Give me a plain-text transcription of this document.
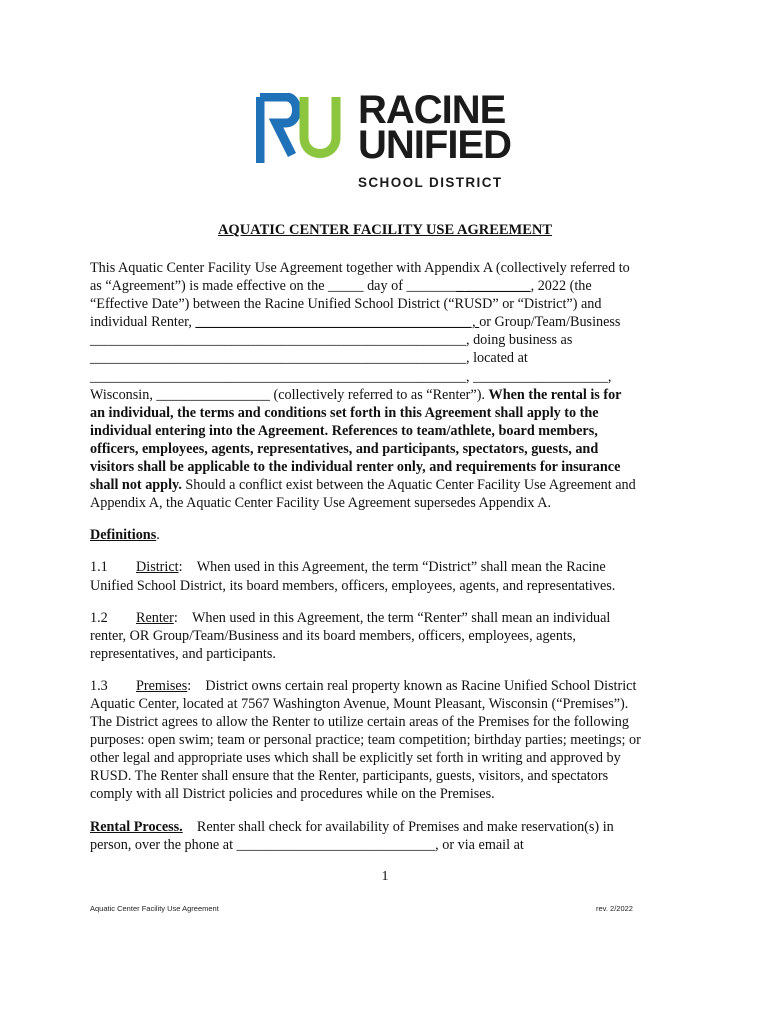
RACINE
UNIFIED
SCHOOL DISTRICT
AQUATIC CENTER FACILITY USE AGREEMENT

This Aquatic Center Facility Use Agreement together with Appendix A (collectively referred to
as “Agreement”) is made effective on the _____ day of ________ _________, 2022 (the
“Effective Date”) between the Racine Unified School District (“RUSD” or “District”) and
individual Renter, _______________________________________, or Group/Team/Business
_____________________________________________________, doing business as
_____________________________________________________, located at
_____________________________________________________, ___________________,
Wisconsin, ________________ (collectively referred to as “Renter”). When the rental is for
an individual, the terms and conditions set forth in this Agreement shall apply to the
individual entering into the Agreement. References to team/athlete, board members,
officers, employees, agents, representatives, and participants, spectators, guests, and
visitors shall be applicable to the individual renter only, and requirements for insurance
shall not apply. Should a conflict exist between the Aquatic Center Facility Use Agreement and
Appendix A, the Aquatic Center Facility Use Agreement supersedes Appendix A.

Definitions.

1.1 District: When used in this Agreement, the term “District” shall mean the Racine
Unified School District, its board members, officers, employees, agents, and representatives.

1.2 Renter: When used in this Agreement, the term “Renter” shall mean an individual
renter, OR Group/Team/Business and its board members, officers, employees, agents,
representatives, and participants.

1.3 Premises: District owns certain real property known as Racine Unified School District
Aquatic Center, located at 7567 Washington Avenue, Mount Pleasant, Wisconsin (“Premises”).
The District agrees to allow the Renter to utilize certain areas of the Premises for the following
purposes: open swim; team or personal practice; team competition; birthday parties; meetings; or
other legal and appropriate uses which shall be explicitly set forth in writing and approved by
RUSD. The Renter shall ensure that the Renter, participants, guests, visitors, and spectators
comply with all District policies and procedures while on the Premises.

Rental Process. Renter shall check for availability of Premises and make reservation(s) in
person, over the phone at ____________________________, or via email at

1
Aquatic Center Facility Use Agreement	rev. 2/2022
